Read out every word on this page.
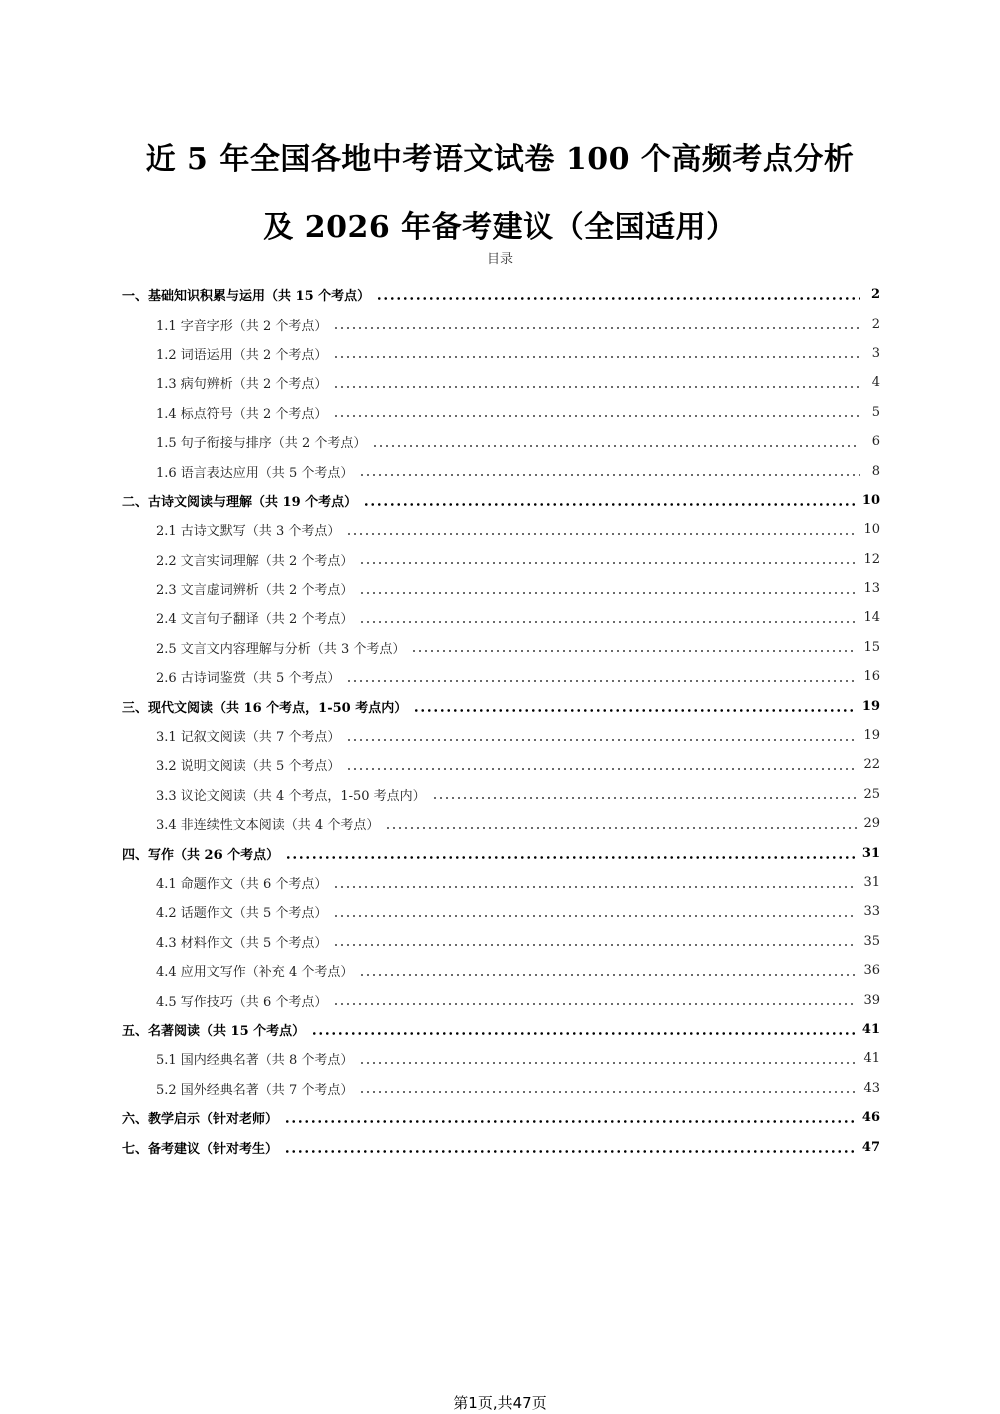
近 5 年全国各地中考语文试卷 100 个高频考点分析
及 2026 年备考建议（全国适用）
目录
一、基础知识积累与运用（共 15 个考点）	2
1.1 字音字形（共 2 个考点）	2
1.2 词语运用（共 2 个考点）	3
1.3 病句辨析（共 2 个考点）	4
1.4 标点符号（共 2 个考点）	5
1.5 句子衔接与排序（共 2 个考点）	6
1.6 语言表达应用（共 5 个考点）	8
二、古诗文阅读与理解（共 19 个考点）	10
2.1 古诗文默写（共 3 个考点）	10
2.2 文言实词理解（共 2 个考点）	12
2.3 文言虚词辨析（共 2 个考点）	13
2.4 文言句子翻译（共 2 个考点）	14
2.5 文言文内容理解与分析（共 3 个考点）	15
2.6 古诗词鉴赏（共 5 个考点）	16
三、现代文阅读（共 16 个考点，1-50 考点内）	19
3.1 记叙文阅读（共 7 个考点）	19
3.2 说明文阅读（共 5 个考点）	22
3.3 议论文阅读（共 4 个考点，1-50 考点内）	25
3.4 非连续性文本阅读（共 4 个考点）	29
四、写作（共 26 个考点）	31
4.1 命题作文（共 6 个考点）	31
4.2 话题作文（共 5 个考点）	33
4.3 材料作文（共 5 个考点）	35
4.4 应用文写作（补充 4 个考点）	36
4.5 写作技巧（共 6 个考点）	39
五、名著阅读（共 15 个考点）	41
5.1 国内经典名著（共 8 个考点）	41
5.2 国外经典名著（共 7 个考点）	43
六、教学启示（针对老师）	46
七、备考建议（针对考生）	47
第1页,共47页
